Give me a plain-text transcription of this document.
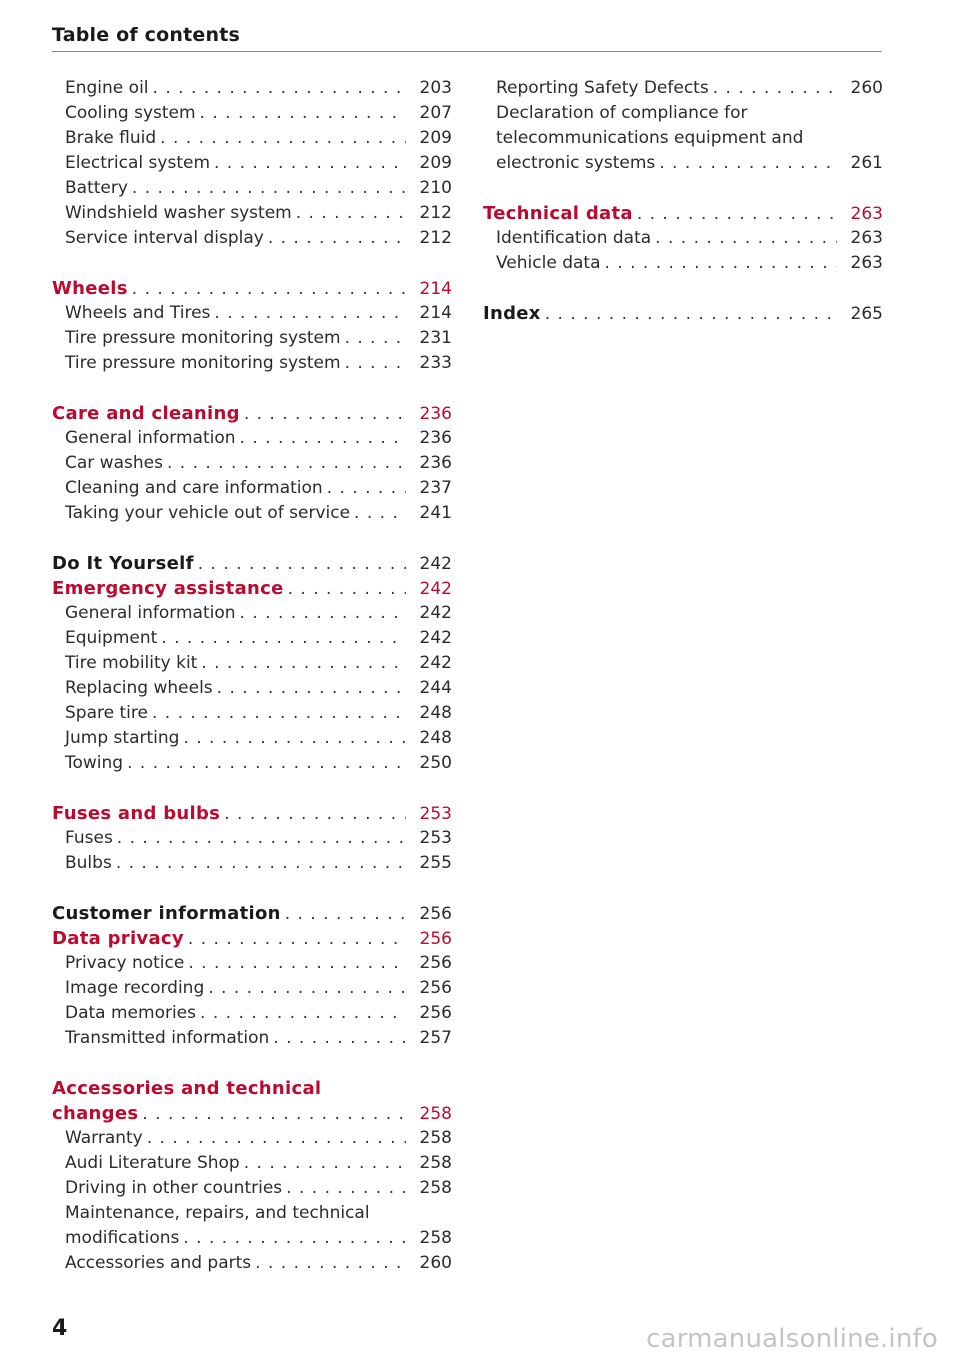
Table of contents
Engine oil . . .	203
Cooling system . . .	207
Brake fluid . . .	209
Electrical system . . .	209
Battery . . .	210
Windshield washer system . . .	212
Service interval display . . .	212
Wheels . . .	214
Wheels and Tires . . .	214
Tire pressure monitoring system . . .	231
Tire pressure monitoring system . . .	233
Care and cleaning . . .	236
General information . . .	236
Car washes . . .	236
Cleaning and care information . . .	237
Taking your vehicle out of service . . .	241
Do It Yourself . . .	242
Emergency assistance . . .	242
General information . . .	242
Equipment . . .	242
Tire mobility kit . . .	242
Replacing wheels . . .	244
Spare tire . . .	248
Jump starting . . .	248
Towing . . .	250
Fuses and bulbs . . .	253
Fuses . . .	253
Bulbs . . .	255
Customer information . . .	256
Data privacy . . .	256
Privacy notice . . .	256
Image recording . . .	256
Data memories . . .	256
Transmitted information . . .	257
Accessories and technical
changes . . .	258
Warranty . . .	258
Audi Literature Shop . . .	258
Driving in other countries . . .	258
Maintenance, repairs, and technical
modifications . . .	258
Accessories and parts . . .	260
Reporting Safety Defects . . .	260
Declaration of compliance for
telecommunications equipment and
electronic systems . . .	261
Technical data . . .	263
Identification data . . .	263
Vehicle data . . .	263
Index . . .	265
4	carmanualsonline.info
